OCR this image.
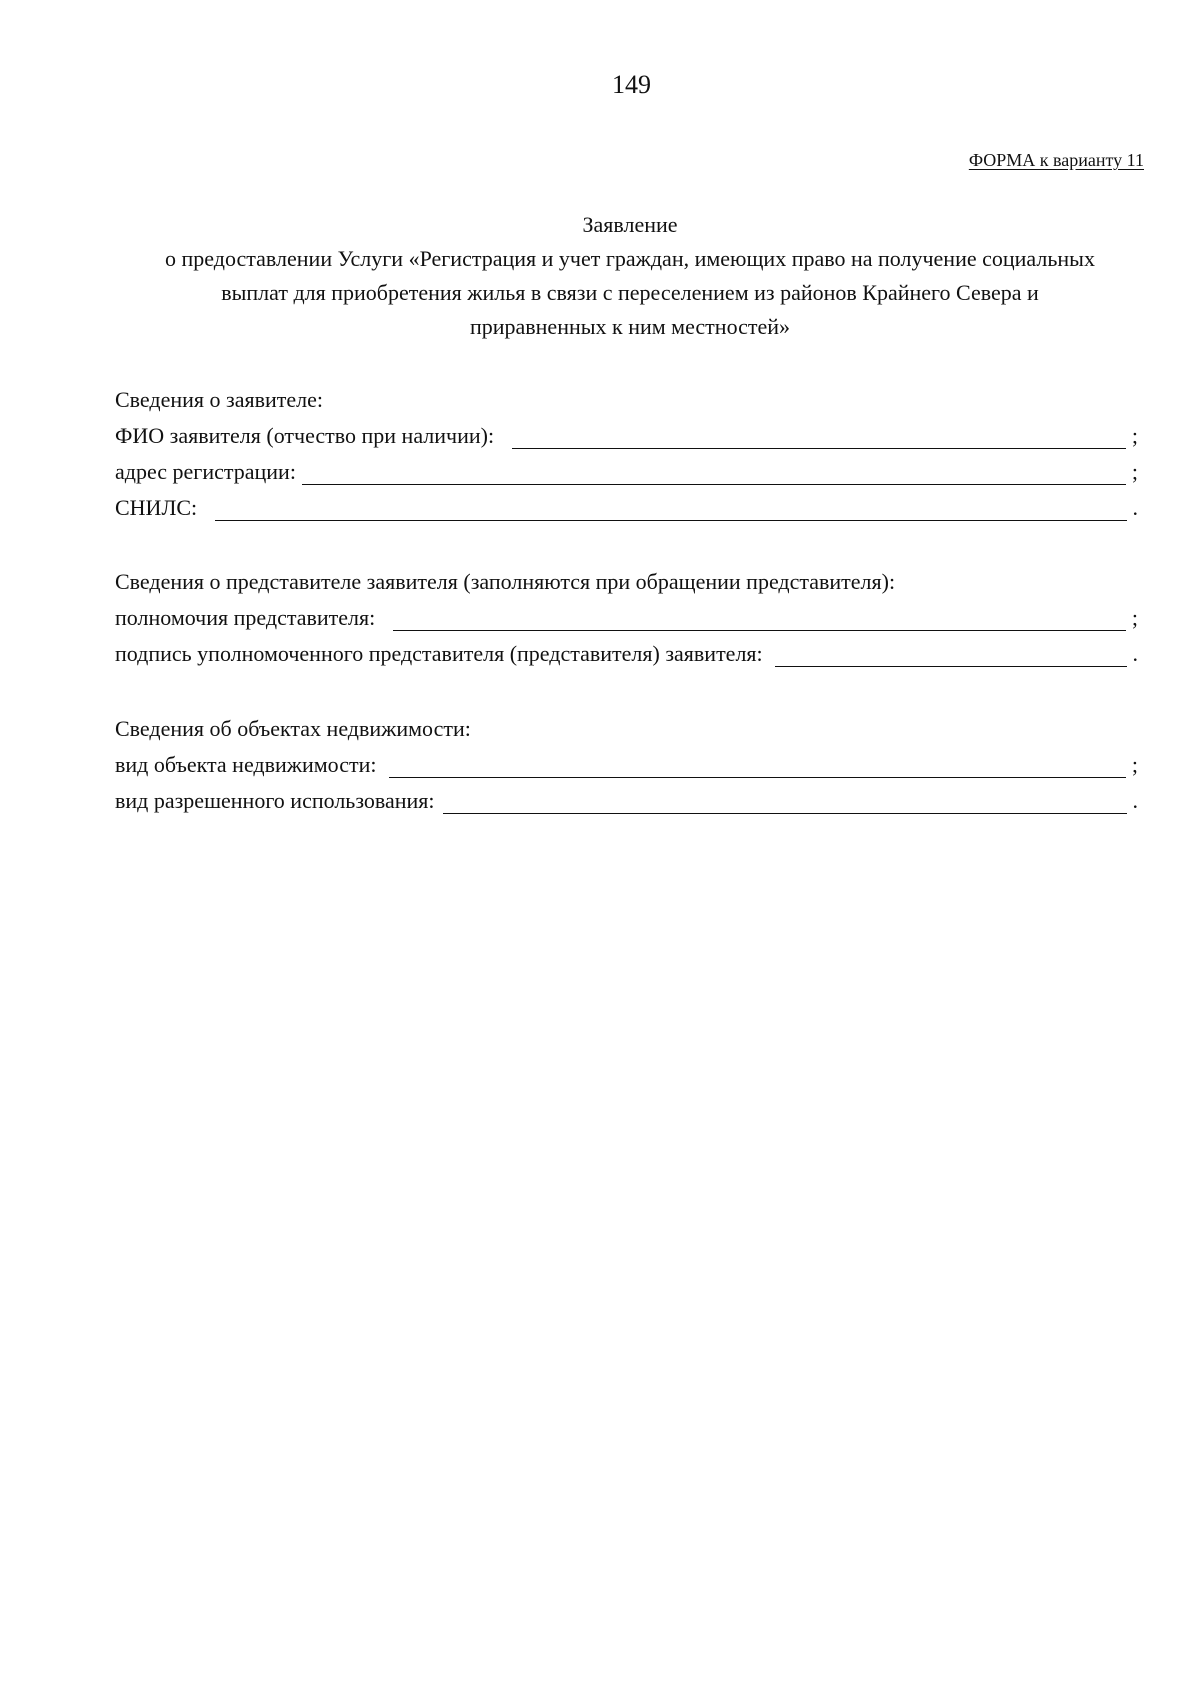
149
ФОРМА к варианту 11
Заявление
о предоставлении Услуги «Регистрация и учет граждан, имеющих право на получение социальных
выплат для приобретения жилья в связи с переселением из районов Крайнего Севера и
приравненных к ним местностей»
Сведения о заявителе:
ФИО заявителя (отчество при наличии):	;
адрес регистрации:	;
СНИЛС:	.
Сведения о представителе заявителя (заполняются при обращении представителя):
полномочия представителя:	;
подпись уполномоченного представителя (представителя) заявителя:	.
Сведения об объектах недвижимости:
вид объекта недвижимости:	;
вид разрешенного использования:	.
